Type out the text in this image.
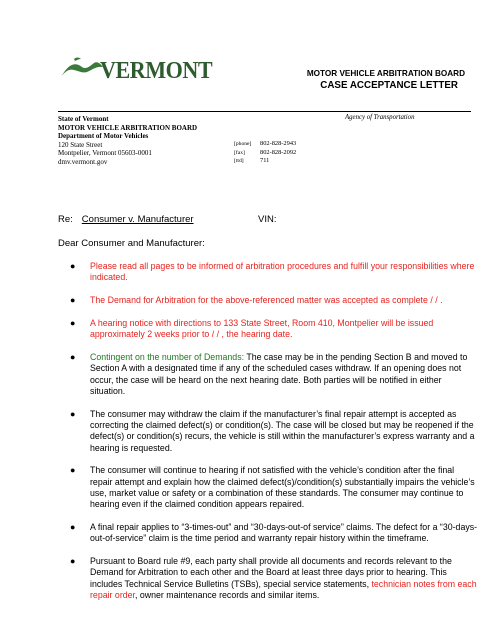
VERMONT	MOTOR VEHICLE ARBITRATION BOARD
CASE ACCEPTANCE LETTER
State of Vermont
MOTOR VEHICLE ARBITRATION BOARD
Department of Motor Vehicles
120 State Street
Montpelier, Vermont 05603-0001
dmv.vermont.gov
Agency of Transportation
[phone] 802-828-2943
[fax] 802-828-2092
[ttd]	711
Re: Consumer v. Manufacturer	VIN:
Dear Consumer and Manufacturer:
● Please read all pages to be informed of arbitration procedures and fulfill your responsibilities where indicated.
● The Demand for Arbitration for the above-referenced matter was accepted as complete / / .
● A hearing notice with directions to 133 State Street, Room 410, Montpelier will be issued approximately 2 weeks prior to / / , the hearing date.
● Contingent on the number of Demands: The case may be in the pending Section B and moved to Section A with a designated time if any of the scheduled cases withdraw. If an opening does not occur, the case will be heard on the next hearing date. Both parties will be notified in either situation.
● The consumer may withdraw the claim if the manufacturer’s final repair attempt is accepted as correcting the claimed defect(s) or condition(s). The case will be closed but may be reopened if the defect(s) or condition(s) recurs, the vehicle is still within the manufacturer’s express warranty and a hearing is requested.
● The consumer will continue to hearing if not satisfied with the vehicle’s condition after the final repair attempt and explain how the claimed defect(s)/condition(s) substantially impairs the vehicle’s use, market value or safety or a combination of these standards. The consumer may continue to hearing even if the claimed condition appears repaired.
● A final repair applies to “3-times-out” and “30-days-out-of service” claims. The defect for a “30-days-out-of-service” claim is the time period and warranty repair history within the timeframe.
● Pursuant to Board rule #9, each party shall provide all documents and records relevant to the Demand for Arbitration to each other and the Board at least three days prior to hearing. This includes Technical Service Bulletins (TSBs), special service statements, technician notes from each repair order, owner maintenance records and similar items.
